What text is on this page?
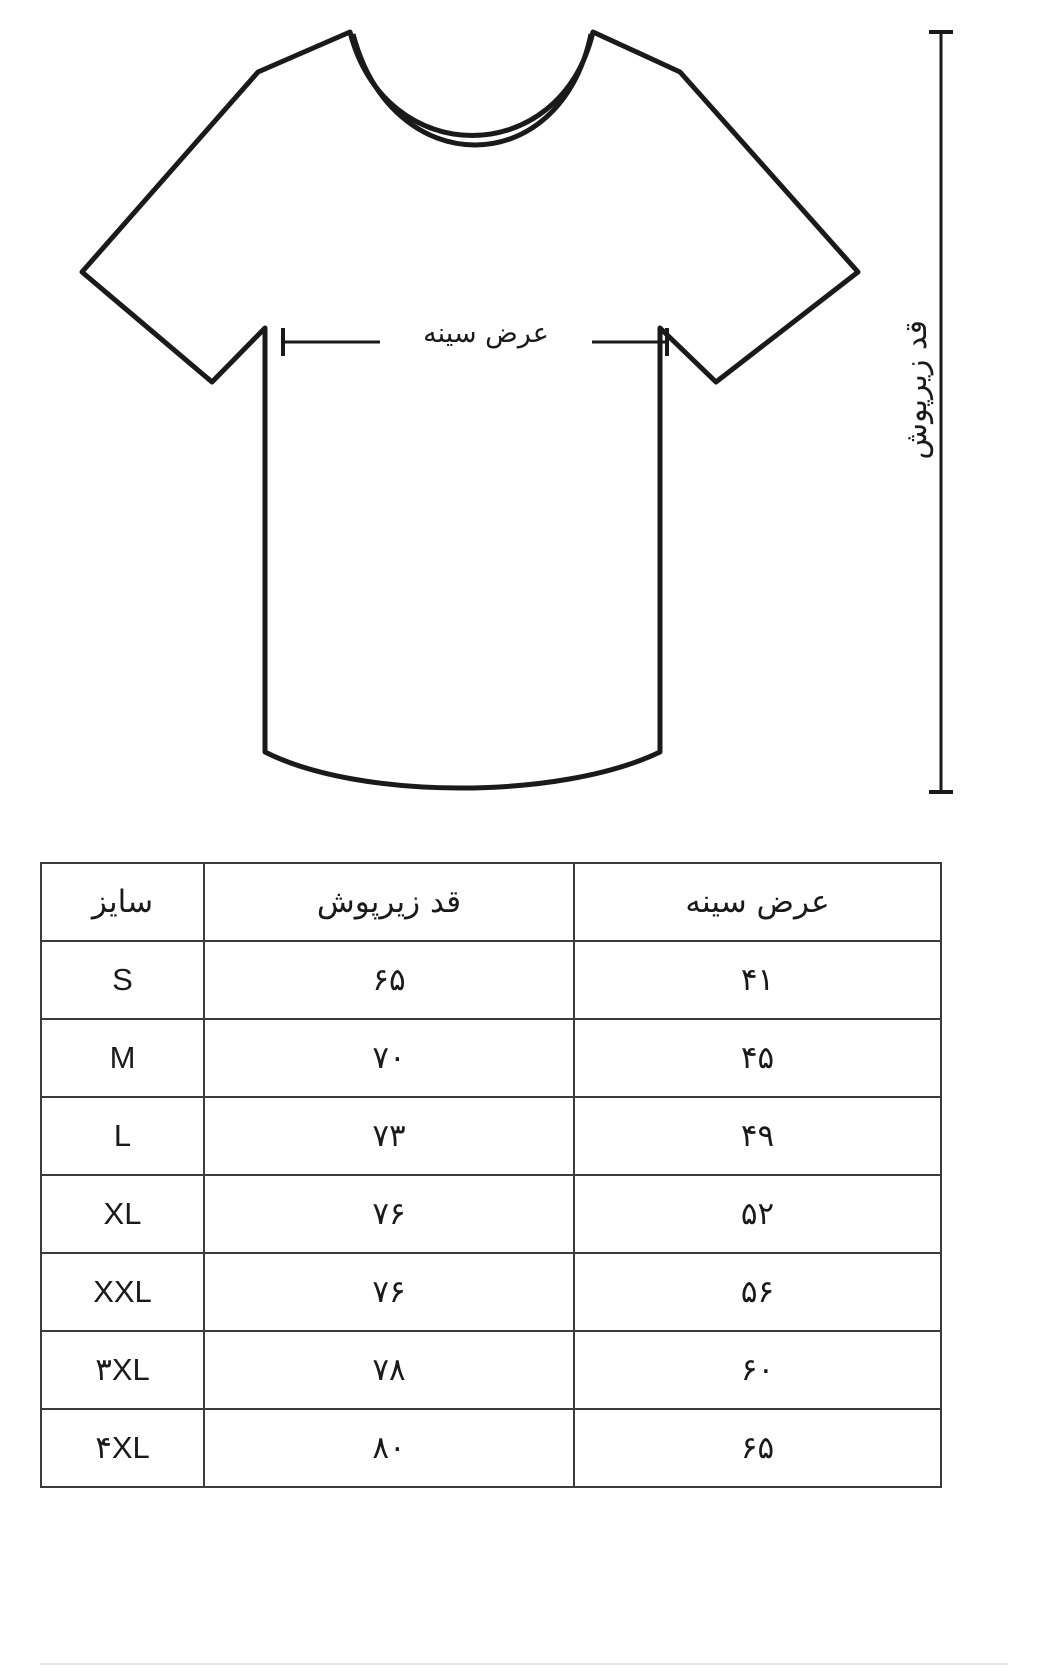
عرض سینه	قد زیرپوش
عرض سینه	قد زیرپوش	سایز
۴۱	۶۵	S
۴۵	۷۰	M
۴۹	۷۳	L
۵۲	۷۶	XL
۵۶	۷۶	XXL
۶۰	۷۸	۳XL
۶۵	۸۰	۴XL
